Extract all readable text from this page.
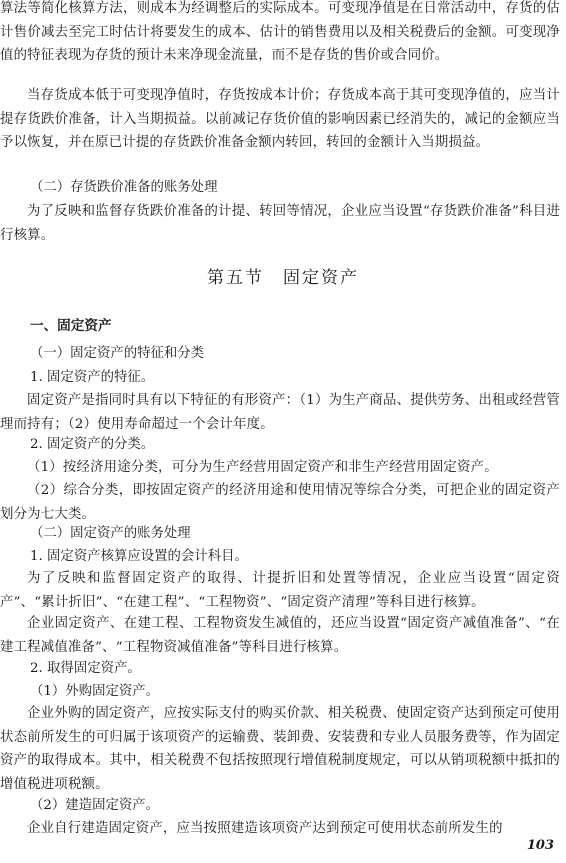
算法等简化核算方法，则成本为经调整后的实际成本。可变现净值是在日常活动中，存货的估计售价减去至完工时估计将要发生的成本、估计的销售费用以及相关税费后的金额。可变现净值的特征表现为存货的预计未来净现金流量，而不是存货的售价或合同价。
当存货成本低于可变现净值时，存货按成本计价；存货成本高于其可变现净值的，应当计提存货跌价准备，计入当期损益。以前减记存货价值的影响因素已经消失的，减记的金额应当予以恢复，并在原已计提的存货跌价准备金额内转回，转回的金额计入当期损益。
（二）存货跌价准备的账务处理
为了反映和监督存货跌价准备的计提、转回等情况，企业应当设置“存货跌价准备”科目进行核算。
第五节　固定资产
一、固定资产
（一）固定资产的特征和分类
1. 固定资产的特征。
固定资产是指同时具有以下特征的有形资产：（1）为生产商品、提供劳务、出租或经营管理而持有；（2）使用寿命超过一个会计年度。
2. 固定资产的分类。
（1）按经济用途分类，可分为生产经营用固定资产和非生产经营用固定资产。
（2）综合分类，即按固定资产的经济用途和使用情况等综合分类，可把企业的固定资产划分为七大类。
（二）固定资产的账务处理
1. 固定资产核算应设置的会计科目。
为了反映和监督固定资产的取得、计提折旧和处置等情况，企业应当设置“固定资产”、“累计折旧”、“在建工程”、“工程物资”、“固定资产清理”等科目进行核算。
企业固定资产、在建工程、工程物资发生减值的，还应当设置“固定资产减值准备”、“在建工程减值准备”、“工程物资减值准备”等科目进行核算。
2. 取得固定资产。
（1）外购固定资产。
企业外购的固定资产，应按实际支付的购买价款、相关税费、使固定资产达到预定可使用状态前所发生的可归属于该项资产的运输费、装卸费、安装费和专业人员服务费等，作为固定资产的取得成本。其中，相关税费不包括按照现行增值税制度规定，可以从销项税额中抵扣的增值税进项税额。
（2）建造固定资产。
企业自行建造固定资产，应当按照建造该项资产达到预定可使用状态前所发生的
103
